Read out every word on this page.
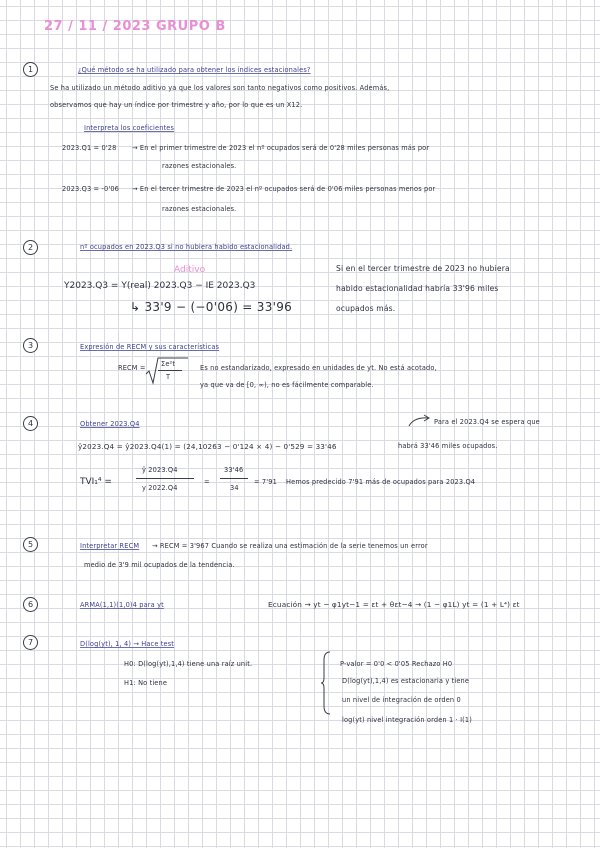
27 / 11 / 2023 GRUPO B
1	¿Qué método se ha utilizado para obtener los índices estacionales?
Se ha utilizado un método aditivo ya que los valores son tanto negativos como positivos. Además,
observamos que hay un índice por trimestre y año, por lo que es un X12.
Interpreta los coeficientes
2023.Q1 = 0'28 → En el primer trimestre de 2023 el nº ocupados será de 0'28 miles personas más por
razones estacionales.
2023.Q3 = -0'06 → En el tercer trimestre de 2023 el nº ocupados será de 0'06 miles personas menos por
razones estacionales.
2	nº ocupados en 2023.Q3 si no hubiera habido estacionalidad.
Aditivo
Y2023.Q3 = Y(real) 2023.Q3 − IE 2023.Q3
↳ 33'9 − (−0'06) = 33'96
Si en el tercer trimestre de 2023 no hubiera
habido estacionalidad habría 33'96 miles
ocupados más.
3	Expresión de RECM y sus características
RECM = Σe²t
T
Es no estandarizado, expresado en unidades de yt. No está acotado,
ya que va de [0, ∞), no es fácilmente comparable.
4	Obtener 2023.Q4	Para el 2023.Q4 se espera que
ŷ2023.Q4 = ŷ2023.Q4(1) = (24,10263 − 0'124 × 4) − 0'529 = 33'46	habrá 33'46 miles ocupados.
TVI₁⁴ =
ŷ 2023.Q4
y 2022.Q4
=
33'46
34
= 7'91 Hemos predecido 7'91 más de ocupados para 2023.Q4
5	Interpretar RECM → RECM = 3'967 Cuando se realiza una estimación de la serie tenemos un error
medio de 3'9 mil ocupados de la tendencia.
6	ARMA(1,1)(1,0)4 para yt	Ecuación → yt − φ1yt−1 = εt + θεt−4 → (1 − φ1L) yt = (1 + L⁴) εt
7	D(log(yt), 1, 4) → Hace test
H0: D(log(yt),1,4) tiene una raíz unit.
H1: No tiene
P-valor = 0'0 < 0'05 Rechazo H0
D(log(yt),1,4) es estacionaria y tiene
un nivel de integración de orden 0
log(yt) nivel integración orden 1 · I(1)
